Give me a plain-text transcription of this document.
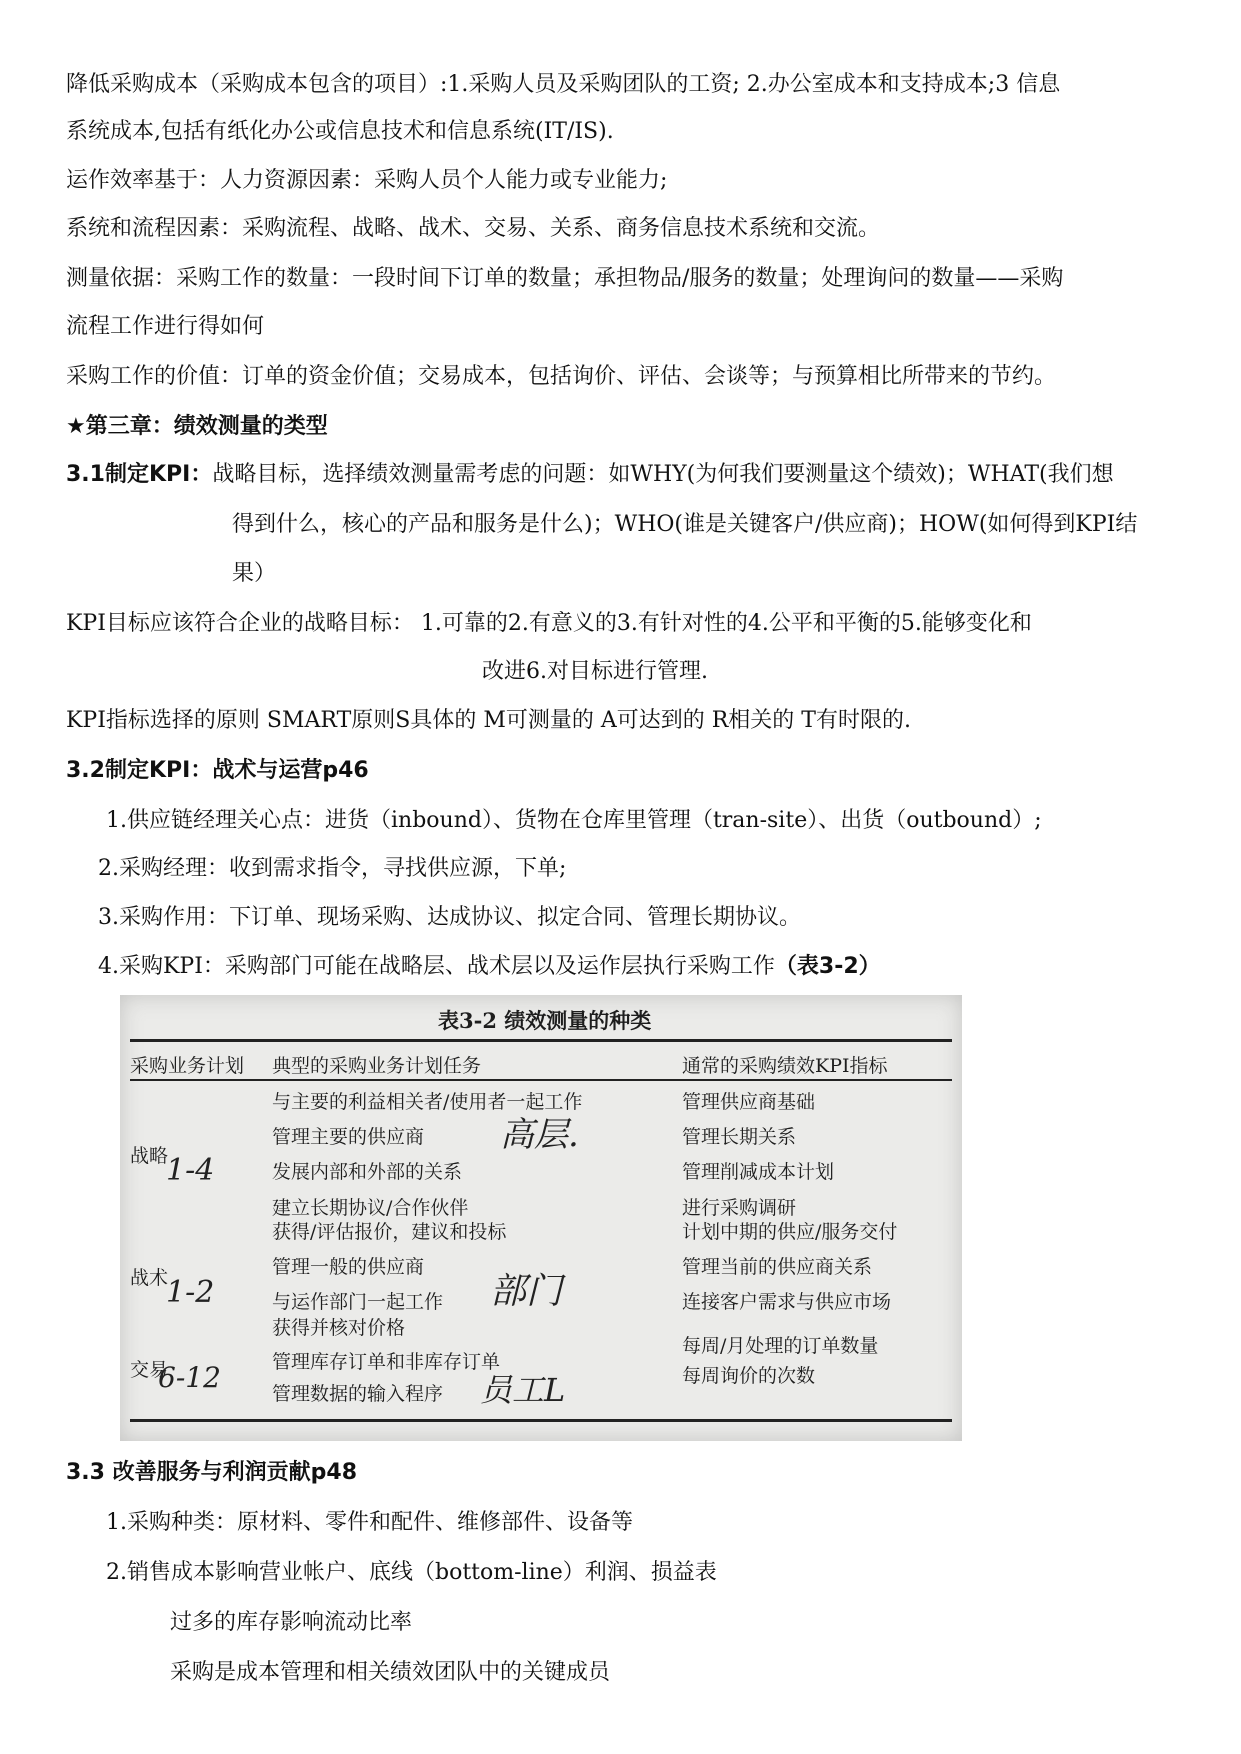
降低采购成本（采购成本包含的项目）:1.采购人员及采购团队的工资; 2.办公室成本和支持成本;3 信息
系统成本,包括有纸化办公或信息技术和信息系统(IT/IS).
运作效率基于：人力资源因素：采购人员个人能力或专业能力;
系统和流程因素：采购流程、战略、战术、交易、关系、商务信息技术系统和交流。
测量依据：采购工作的数量：一段时间下订单的数量；承担物品/服务的数量；处理询问的数量——采购
流程工作进行得如何
采购工作的价值：订单的资金价值；交易成本，包括询价、评估、会谈等；与预算相比所带来的节约。
★第三章：绩效测量的类型
3.1制定KPI：战略目标，选择绩效测量需考虑的问题：如WHY(为何我们要测量这个绩效)；WHAT(我们想
得到什么，核心的产品和服务是什么)；WHO(谁是关键客户/供应商)；HOW(如何得到KPI结
果）
KPI目标应该符合企业的战略目标： 1.可靠的2.有意义的3.有针对性的4.公平和平衡的5.能够变化和
改进6.对目标进行管理.
KPI指标选择的原则 SMART原则S具体的 M可测量的 A可达到的 R相关的 T有时限的.
3.2制定KPI：战术与运营p46
1.供应链经理关心点：进货（inbound）、货物在仓库里管理（tran-site）、出货（outbound）;
2.采购经理：收到需求指令，寻找供应源，下单;
3.采购作用：下订单、现场采购、达成协议、拟定合同、管理长期协议。
4.采购KPI：采购部门可能在战略层、战术层以及运作层执行采购工作（表3-2）
表3-2 绩效测量的种类
采购业务计划 典型的采购业务计划任务	通常的采购绩效KPI指标
战略
战术
交易
与主要的利益相关者/使用者一起工作
管理主要的供应商
发展内部和外部的关系
建立长期协议/合作伙伴
获得/评估报价，建议和投标
管理一般的供应商
与运作部门一起工作
获得并核对价格
管理库存订单和非库存订单
管理数据的输入程序
管理供应商基础
管理长期关系
管理削减成本计划
进行采购调研
计划中期的供应/服务交付
管理当前的供应商关系
连接客户需求与供应市场
每周/月处理的订单数量
每周询价的次数
1-4
1-2
6-12
高层.
部门
员工L
3.3 改善服务与利润贡献p48
1.采购种类：原材料、零件和配件、维修部件、设备等
2.销售成本影响营业帐户、底线（bottom-line）利润、损益表
过多的库存影响流动比率
采购是成本管理和相关绩效团队中的关键成员
